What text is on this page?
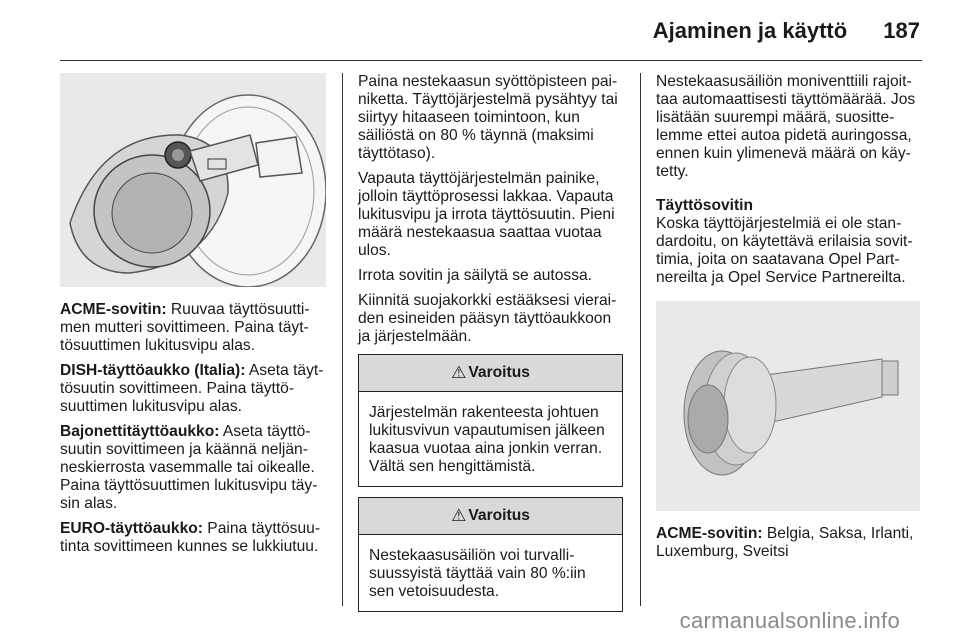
Ajaminen ja käyttö 187

ACME-sovitin: Ruuvaa täyttösuuttimen mutteri sovittimeen. Paina täyttösuuttimen lukitusvipu alas.

DISH-täyttöaukko (Italia): Aseta täyttösuutin sovittimeen. Paina täyttösuuttimen lukitusvipu alas.

Bajonettitäyttöaukko: Aseta täyttösuutin sovittimeen ja käännä neljänneskierrosta vasemmalle tai oikealle. Paina täyttösuuttimen lukitusvipu täysin alas.

EURO-täyttöaukko: Paina täyttösuutinta sovittimeen kunnes se lukkiutuu.

Paina nestekaasun syöttöpisteen painiketta. Täyttöjärjestelmä pysähtyy tai siirtyy hitaaseen toimintoon, kun säiliöstä on 80 % täynnä (maksimi täyttötaso).

Vapauta täyttöjärjestelmän painike, jolloin täyttöprosessi lakkaa. Vapauta lukitusvipu ja irrota täyttösuutin. Pieni määrä nestekaasua saattaa vuotaa ulos.

Irrota sovitin ja säilytä se autossa.

Kiinnitä suojakorkki estääksesi vieraiden esineiden pääsyn täyttöaukkoon ja järjestelmään.

⚠ Varoitus
Järjestelmän rakenteesta johtuen lukitusvivun vapautumisen jälkeen kaasua vuotaa aina jonkin verran. Vältä sen hengittämistä.
⚠ Varoitus
Nestekaasusäiliön voi turvallisuussyistä täyttää vain 80 %:iin sen vetoisuudesta.

Nestekaasusäiliön moniventtiili rajoittaa automaattisesti täyttömäärää. Jos lisätään suurempi määrä, suosittelemme ettei autoa pidetä auringossa, ennen kuin ylimenevä määrä on käytetty.

Täyttösovitin

Koska täyttöjärjestelmiä ei ole standardoitu, on käytettävä erilaisia sovittimia, joita on saatavana Opel Partnereilta ja Opel Service Partnereilta.

ACME-sovitin: Belgia, Saksa, Irlanti, Luxemburg, Sveitsi

carmanualsonline.info
